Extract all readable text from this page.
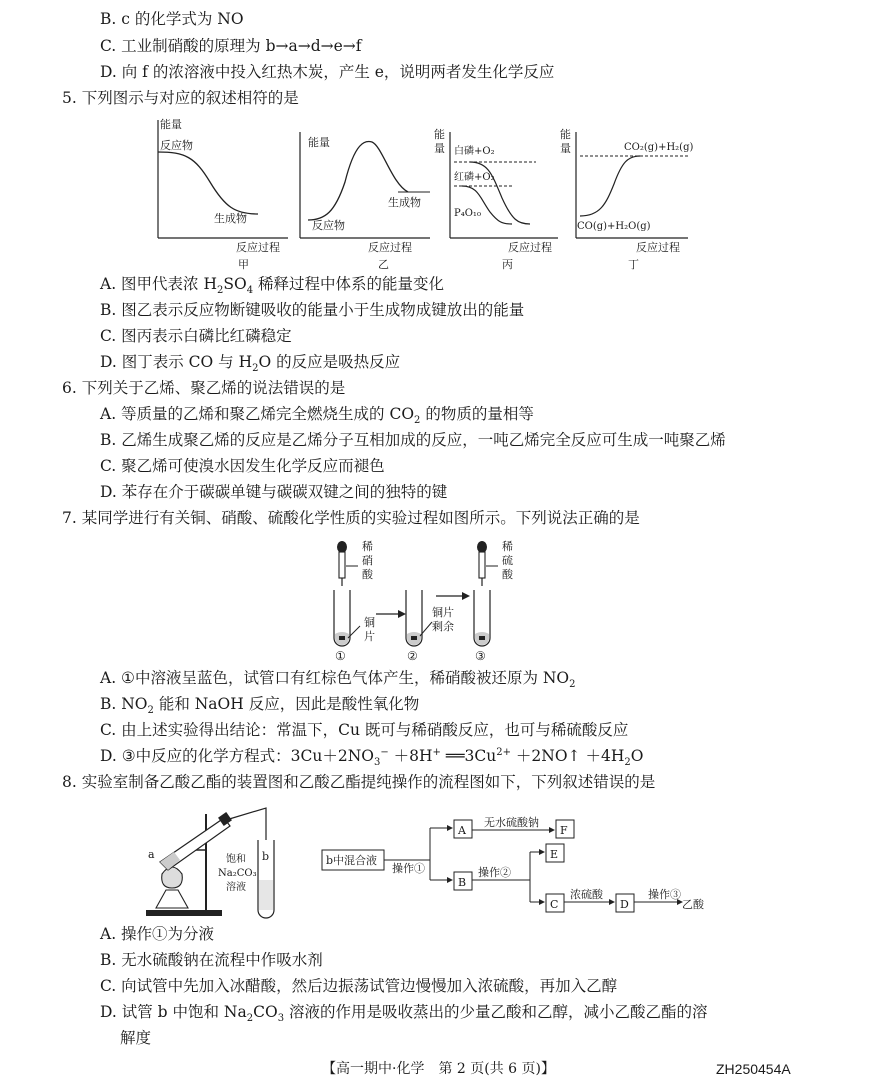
B. c 的化学式为 NO
C. 工业制硝酸的原理为 b→a→d→e→f
D. 向 f 的浓溶液中投入红热木炭，产生 e，说明两者发生化学反应
5. 下列图示与对应的叙述相符的是
能量
反应物
生成物
反应过程
甲
能量
生成物
反应物
反应过程
乙
能
量 白磷+O₂
红磷+O₂
P₄O₁₀
反应过程
丙
能
量	CO₂(g)+H₂(g)
CO(g)+H₂O(g)
反应过程
丁
A. 图甲代表浓 $H_2SO_4$ 稀释过程中体系的能量变化
B. 图乙表示反应物断键吸收的能量小于生成物成键放出的能量
C. 图丙表示白磷比红磷稳定
D. 图丁表示 CO 与 $H_2O$ 的反应是吸热反应
6. 下列关于乙烯、聚乙烯的说法错误的是
A. 等质量的乙烯和聚乙烯完全燃烧生成的 $CO_2$ 的物质的量相等
B. 乙烯生成聚乙烯的反应是乙烯分子互相加成的反应，一吨乙烯完全反应可生成一吨聚乙烯
C. 聚乙烯可使溴水因发生化学反应而褪色
D. 苯存在介于碳碳单键与碳碳双键之间的独特的键
7. 某同学进行有关铜、硝酸、硫酸化学性质的实验过程如图所示。下列说法正确的是
稀
硝
酸
铜
片
铜片
剩余
稀
硫
酸
①	②	③
A. ①中溶液呈蓝色，试管口有红棕色气体产生，稀硝酸被还原为 $NO_2$
B. $NO_2$ 能和 NaOH 反应，因此是酸性氧化物
C. 由上述实验得出结论：常温下，Cu 既可与稀硝酸反应，也可与稀硫酸反应
D. ③中反应的化学方程式：$3Cu+2NO_3^- +8H^+$ $══3Cu^{2+}$ ＋2NO↑ $+4H_2O$
8. 实验室制备乙酸乙酯的装置图和乙酸乙酯提纯操作的流程图如下，下列叙述错误的是
a	b
饱和
Na₂CO₃
溶液
b中混合液
操作①
A
无水硫酸钠
F
B
操作②
E
C
浓硫酸
D
操作③
乙酸
A. 操作①为分液
B. 无水硫酸钠在流程中作吸水剂
C. 向试管中先加入冰醋酸，然后边振荡试管边慢慢加入浓硫酸，再加入乙醇
D. 试管 b 中饱和 $Na_2CO_3$ 溶液的作用是吸收蒸出的少量乙酸和乙醇，减小乙酸乙酯的溶
解度
【高一期中·化学　第 2 页(共 6 页)】	ZH250454A
